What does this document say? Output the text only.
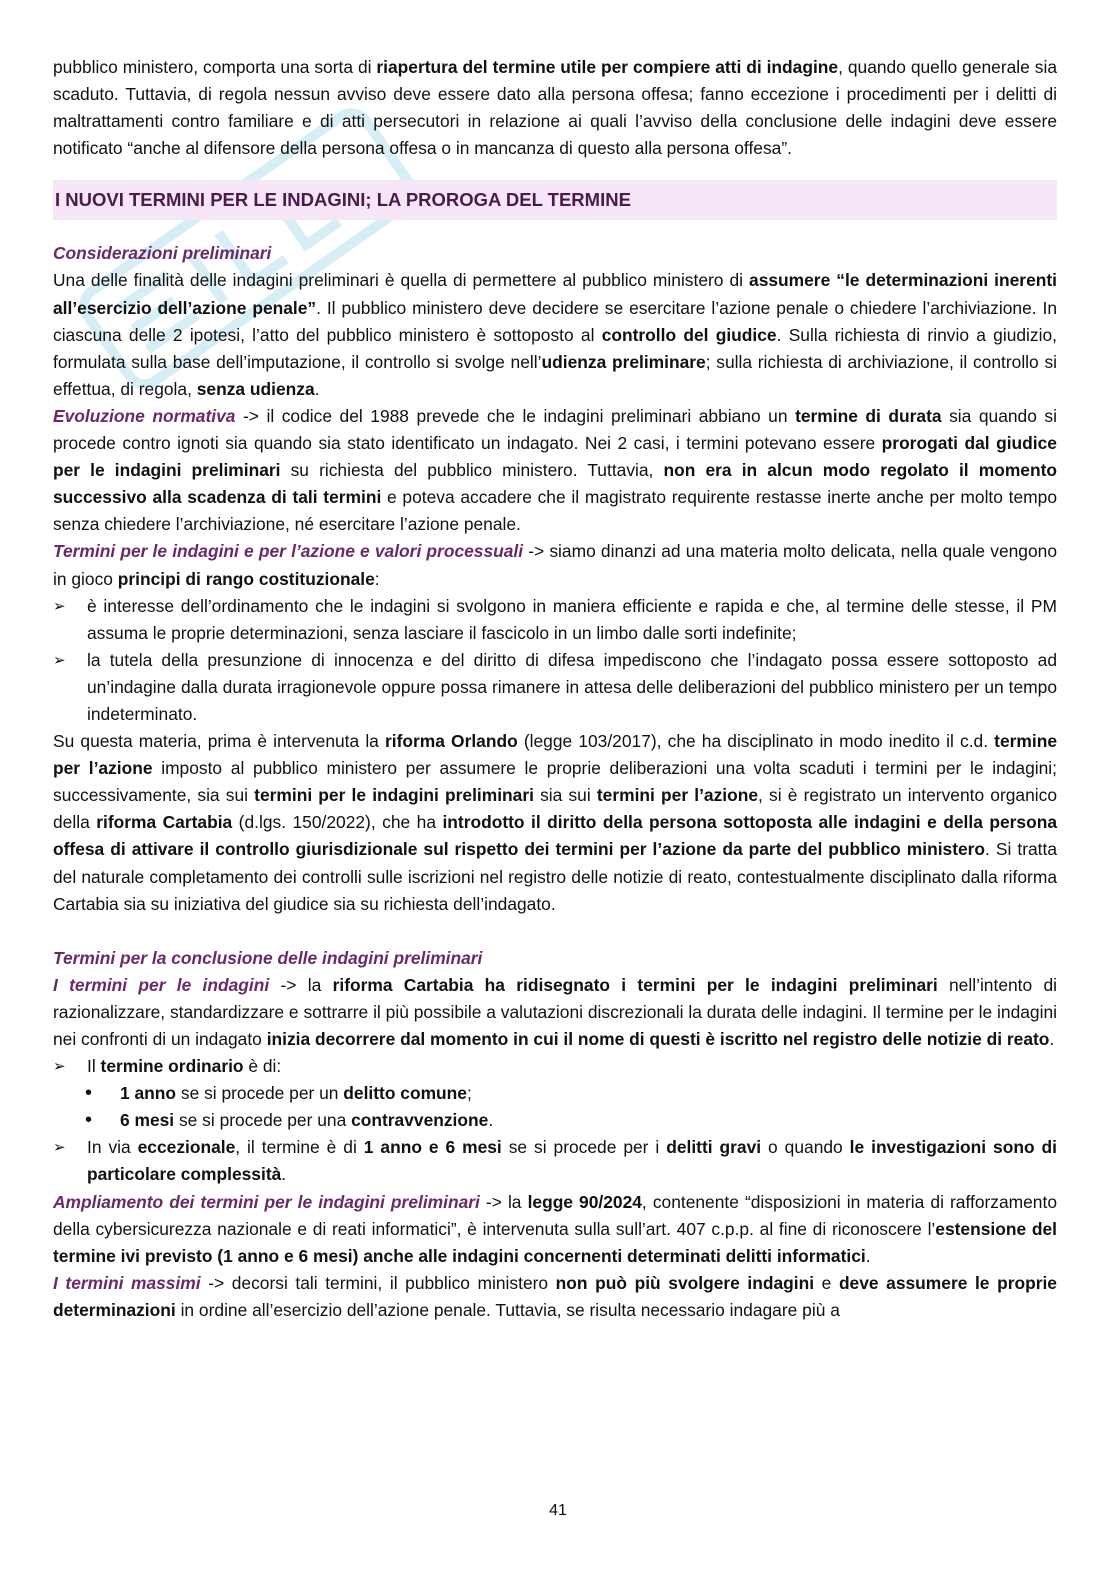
pubblico ministero, comporta una sorta di riapertura del termine utile per compiere atti di indagine, quando quello generale sia scaduto. Tuttavia, di regola nessun avviso deve essere dato alla persona offesa; fanno eccezione i procedimenti per i delitti di maltrattamenti contro familiare e di atti persecutori in relazione ai quali l’avviso della conclusione delle indagini deve essere notificato “anche al difensore della persona offesa o in mancanza di questo alla persona offesa”.

I NUOVI TERMINI PER LE INDAGINI; LA PROROGA DEL TERMINE

Considerazioni preliminari

Una delle finalità delle indagini preliminari è quella di permettere al pubblico ministero di assumere “le determinazioni inerenti all’esercizio dell’azione penale”. Il pubblico ministero deve decidere se esercitare l’azione penale o chiedere l’archiviazione. In ciascuna delle 2 ipotesi, l’atto del pubblico ministero è sottoposto al controllo del giudice. Sulla richiesta di rinvio a giudizio, formulata sulla base dell’imputazione, il controllo si svolge nell’udienza preliminare; sulla richiesta di archiviazione, il controllo si effettua, di regola, senza udienza.

Evoluzione normativa -> il codice del 1988 prevede che le indagini preliminari abbiano un termine di durata sia quando si procede contro ignoti sia quando sia stato identificato un indagato. Nei 2 casi, i termini potevano essere prorogati dal giudice per le indagini preliminari su richiesta del pubblico ministero. Tuttavia, non era in alcun modo regolato il momento successivo alla scadenza di tali termini e poteva accadere che il magistrato requirente restasse inerte anche per molto tempo senza chiedere l’archiviazione, né esercitare l’azione penale.

Termini per le indagini e per l’azione e valori processuali -> siamo dinanzi ad una materia molto delicata, nella quale vengono in gioco principi di rango costituzionale:

➢ è interesse dell’ordinamento che le indagini si svolgono in maniera efficiente e rapida e che, al termine delle stesse, il PM assuma le proprie determinazioni, senza lasciare il fascicolo in un limbo dalle sorti indefinite;
➢ la tutela della presunzione di innocenza e del diritto di difesa impediscono che l’indagato possa essere sottoposto ad un’indagine dalla durata irragionevole oppure possa rimanere in attesa delle deliberazioni del pubblico ministero per un tempo indeterminato.

Su questa materia, prima è intervenuta la riforma Orlando (legge 103/2017), che ha disciplinato in modo inedito il c.d. termine per l’azione imposto al pubblico ministero per assumere le proprie deliberazioni una volta scaduti i termini per le indagini; successivamente, sia sui termini per le indagini preliminari sia sui termini per l’azione, si è registrato un intervento organico della riforma Cartabia (d.lgs. 150/2022), che ha introdotto il diritto della persona sottoposta alle indagini e della persona offesa di attivare il controllo giurisdizionale sul rispetto dei termini per l’azione da parte del pubblico ministero. Si tratta del naturale completamento dei controlli sulle iscrizioni nel registro delle notizie di reato, contestualmente disciplinato dalla riforma Cartabia sia su iniziativa del giudice sia su richiesta dell’indagato.

Termini per la conclusione delle indagini preliminari

I termini per le indagini -> la riforma Cartabia ha ridisegnato i termini per le indagini preliminari nell’intento di razionalizzare, standardizzare e sottrarre il più possibile a valutazioni discrezionali la durata delle indagini. Il termine per le indagini nei confronti di un indagato inizia decorrere dal momento in cui il nome di questi è iscritto nel registro delle notizie di reato.

➢ Il termine ordinario è di:
• 1 anno se si procede per un delitto comune;
• 6 mesi se si procede per una contravvenzione.
➢ In via eccezionale, il termine è di 1 anno e 6 mesi se si procede per i delitti gravi o quando le investigazioni sono di particolare complessità.

Ampliamento dei termini per le indagini preliminari -> la legge 90/2024, contenente “disposizioni in materia di rafforzamento della cybersicurezza nazionale e di reati informatici”, è intervenuta sulla sull’art. 407 c.p.p. al fine di riconoscere l’estensione del termine ivi previsto (1 anno e 6 mesi) anche alle indagini concernenti determinati delitti informatici.

I termini massimi -> decorsi tali termini, il pubblico ministero non può più svolgere indagini e deve assumere le proprie determinazioni in ordine all’esercizio dell’azione penale. Tuttavia, se risulta necessario indagare più a

41
